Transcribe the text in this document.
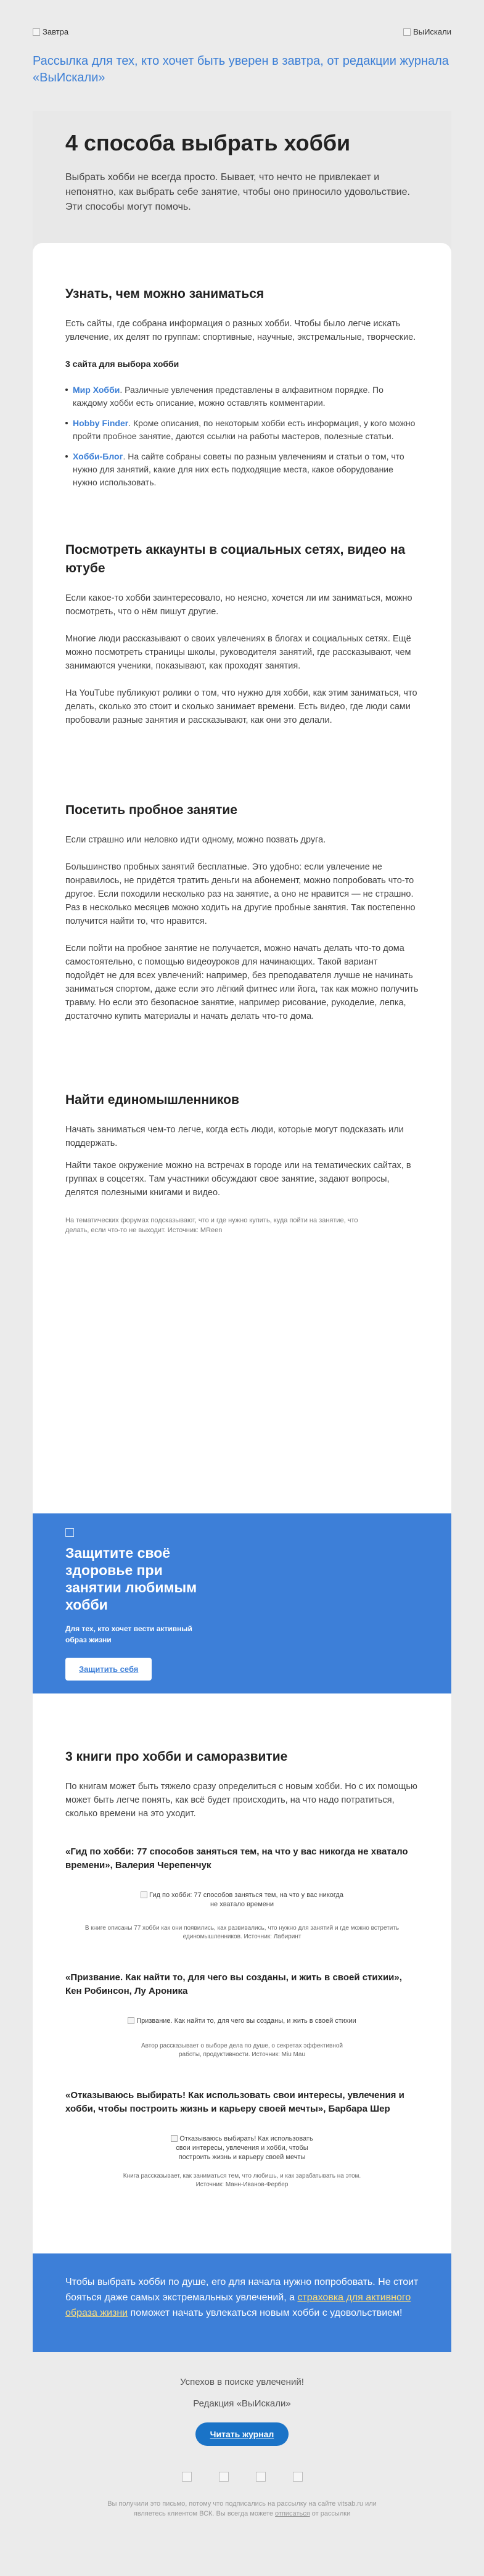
Завтра	ВыИскали
Рассылка для тех, кто хочет быть уверен в завтра, от редакции журнала «ВыИскали»
4 способа выбрать хобби

Выбрать хобби не всегда просто. Бывает, что нечто не привлекает и непонятно, как выбрать себе занятие, чтобы оно приносило удовольствие. Эти способы могут помочь.

Узнать, чем можно заниматься

Есть сайты, где собрана информация о разных хобби. Чтобы было легче искать увлечение, их делят по группам: спортивные, научные, экстремальные, творческие.

3 сайта для выбора хобби
Мир Хобби. Различные увлечения представлены в алфавитном порядке. По каждому хобби есть описание, можно оставлять комментарии.
Hobby Finder. Кроме описания, по некоторым хобби есть информация, у кого можно пройти пробное занятие, даются ссылки на работы мастеров, полезные статьи.
Хобби-Блог. На сайте собраны советы по разным увлечениям и статьи о том, что нужно для занятий, какие для них есть подходящие места, какое оборудование нужно использовать.
Посмотреть аккаунты в социальных сетях, видео на ютубе

Если какое-то хобби заинтересовало, но неясно, хочется ли им заниматься, можно посмотреть, что о нём пишут другие.

Многие люди рассказывают о своих увлечениях в блогах и социальных сетях. Ещё можно посмотреть страницы школы, руководителя занятий, где рассказывают, чем занимаются ученики, показывают, как проходят занятия.

На YouTube публикуют ролики о том, что нужно для хобби, как этим заниматься, что делать, сколько это стоит и сколько занимает времени. Есть видео, где люди сами пробовали разные занятия и рассказывают, как они это делали.

Посетить пробное занятие

Если страшно или неловко идти одному, можно позвать друга.

Большинство пробных занятий бесплатные. Это удобно: если увлечение не понравилось, не придётся тратить деньги на абонемент, можно попробовать что-то другое. Если походили несколько раз на занятие, а оно не нравится — не страшно. Раз в несколько месяцев можно ходить на другие пробные занятия. Так постепенно получится найти то, что нравится.

Если пойти на пробное занятие не получается, можно начать делать что-то дома самостоятельно, с помощью видеоуроков для начинающих. Такой вариант подойдёт не для всех увлечений: например, без преподавателя лучше не начинать заниматься спортом, даже если это лёгкий фитнес или йога, так как можно получить травму. Но если это безопасное занятие, например рисование, рукоделие, лепка, достаточно купить материалы и начать делать что-то дома.

Найти единомышленников

Начать заниматься чем-то легче, когда есть люди, которые могут подсказать или поддержать.

Найти такое окружение можно на встречах в городе или на тематических сайтах, в группах в соцсетях. Там участники обсуждают свое занятие, задают вопросы, делятся полезными книгами и видео.

На тематических форумах подсказывают, что и где нужно купить, куда пойти на занятие, что делать, если что-то не выходит. Источник: MReen

Защитите своё здоровье при занятии любимым хобби
Для тех, кто хочет вести активный образ жизни
Защитить себя
3 книги про хобби и саморазвитие

По книгам может быть тяжело сразу определиться с новым хобби. Но с их помощью может быть легче понять, как всё будет происходить, на что надо потратиться, сколько времени на это уходит.

«Гид по хобби: 77 способов заняться тем, на что у вас никогда не хватало времени», Валерия Черепенчук
Гид по хобби: 77 способов заняться тем, на что у вас никогда не хватало времени

В книге описаны 77 хобби как они появились, как развивались, что нужно для занятий и где можно встретить единомышленников. Источник: Лабиринт

«Призвание. Как найти то, для чего вы созданы, и жить в своей стихии», Кен Робинсон, Лу Ароника
Призвание. Как найти то, для чего вы созданы, и жить в своей стихии

Автор рассказывает о выборе дела по душе, о секретах эффективной работы, продуктивности. Источник: Miu Mau

«Отказываюсь выбирать! Как использовать свои интересы, увлечения и хобби, чтобы построить жизнь и карьеру своей мечты», Барбара Шер
Отказываюсь выбирать! Как использовать свои интересы, увлечения и хобби, чтобы построить жизнь и карьеру своей мечты

Книга рассказывает, как заниматься тем, что любишь, и как зарабатывать на этом. Источник: Манн-Иванов-Фербер

Чтобы выбрать хобби по душе, его для начала нужно попробовать. Не стоит бояться даже самых экстремальных увлечений, а страховка для активного образа жизни поможет начать увлекаться новым хобби с удовольствием!
Успехов в поиске увлечений!
Редакция «ВыИскали»
Читать журнал

Вы получили это письмо, потому что подписались на рассылку на сайте vitsab.ru или являетесь клиентом ВСК. Вы всегда можете отписаться от рассылки
